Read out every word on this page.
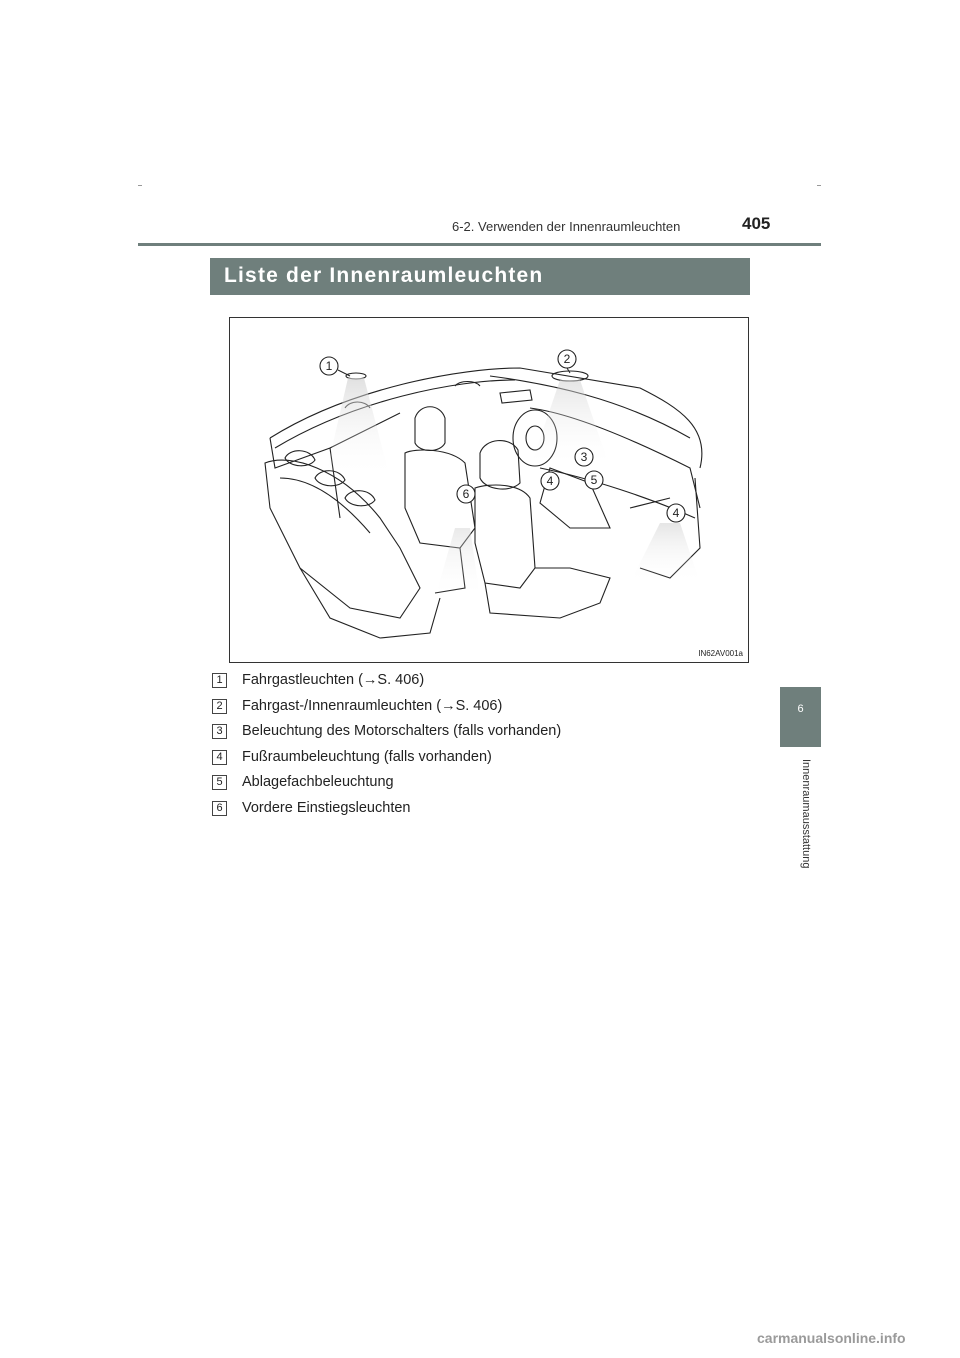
6-2. Verwenden der Innenraumleuchten	405
Liste der Innenraumleuchten
1	2
3
4	5
6
4
IN62AV001a
1	Fahrgastleuchten (→S. 406)
2	Fahrgast-/Innenraumleuchten (→S. 406)
3	Beleuchtung des Motorschalters (falls vorhanden)
4	Fußraumbeleuchtung (falls vorhanden)
5	Ablagefachbeleuchtung
6	Vordere Einstiegsleuchten
6
Innenraumausstattung
carmanualsonline.info
